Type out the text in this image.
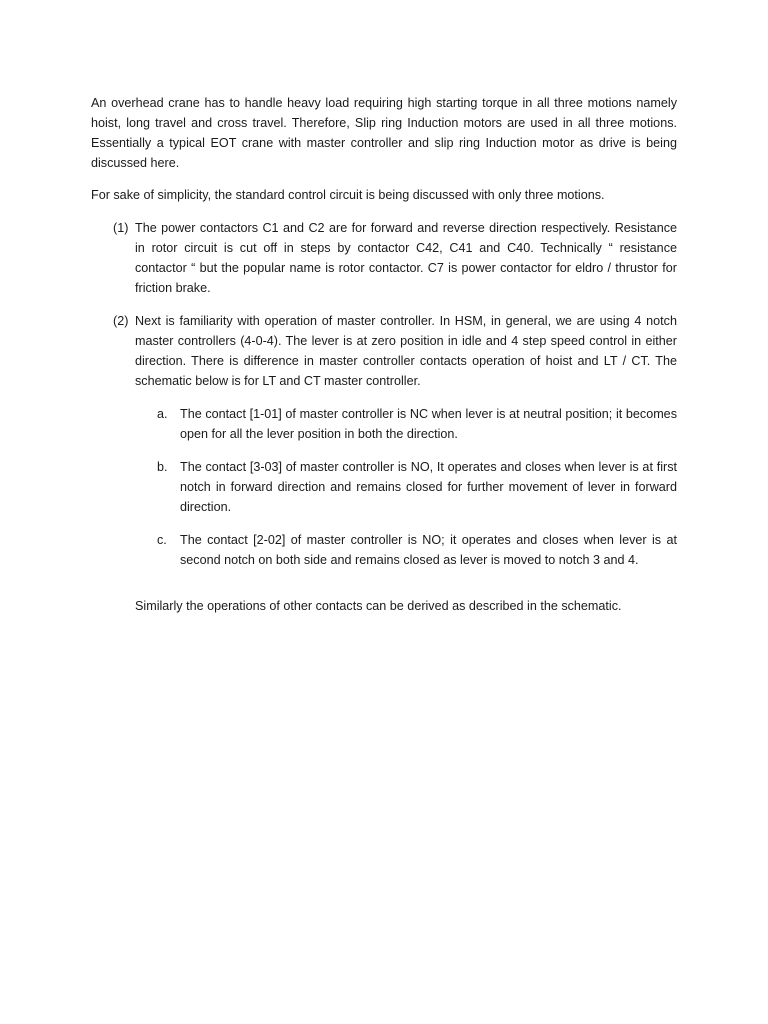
An overhead crane has to handle heavy load requiring high starting torque in all three motions namely hoist, long travel and cross travel. Therefore, Slip ring Induction motors are used in all three motions. Essentially a typical EOT crane with master controller and slip ring Induction motor as drive is being discussed here.

For sake of simplicity, the standard control circuit is being discussed with only three motions.

(1) The power contactors C1 and C2 are for forward and reverse direction respectively. Resistance in rotor circuit is cut off in steps by contactor C42, C41 and C40. Technically “ resistance contactor “ but the popular name is rotor contactor. C7 is power contactor for eldro / thrustor for friction brake.
(2) Next is familiarity with operation of master controller. In HSM, in general, we are using 4 notch master controllers (4-0-4). The lever is at zero position in idle and 4 step speed control in either direction. There is difference in master controller contacts operation of hoist and LT / CT. The schematic below is for LT and CT master controller.
a. The contact [1-01] of master controller is NC when lever is at neutral position; it becomes open for all the lever position in both the direction.
b. The contact [3-03] of master controller is NO, It operates and closes when lever is at first notch in forward direction and remains closed for further movement of lever in forward direction.
c.	The contact [2-02] of master controller is NO; it operates and closes when lever is at second notch on both side and remains closed as lever is moved to notch 3 and 4.

Similarly the operations of other contacts can be derived as described in the schematic.
